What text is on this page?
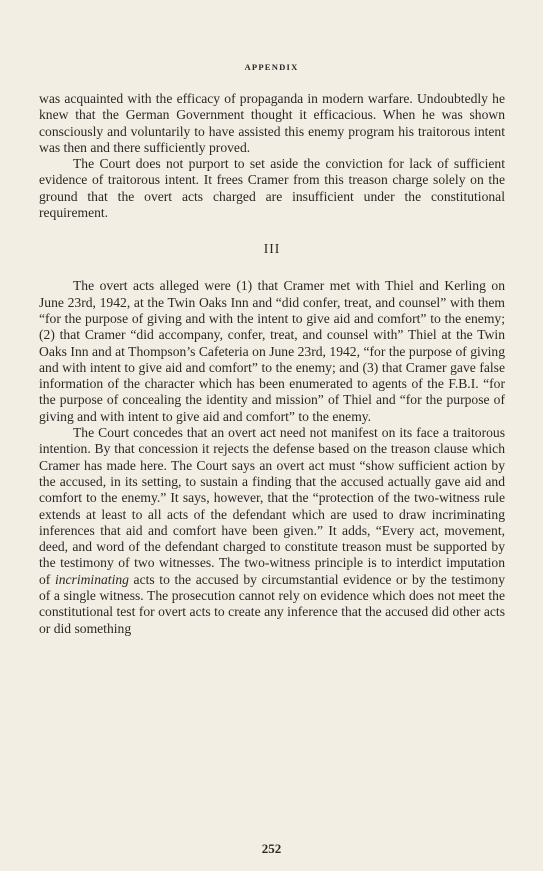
APPENDIX

was acquainted with the efficacy of propaganda in modern warfare. Undoubtedly he knew that the German Government thought it efficacious. When he was shown consciously and voluntarily to have assisted this enemy program his traitorous intent was then and there sufficiently proved.

The Court does not purport to set aside the conviction for lack of sufficient evidence of traitorous intent. It frees Cramer from this treason charge solely on the ground that the overt acts charged are insufficient under the constitutional requirement.

III

The overt acts alleged were (1) that Cramer met with Thiel and Kerling on June 23rd, 1942, at the Twin Oaks Inn and “did confer, treat, and counsel” with them “for the purpose of giving and with the intent to give aid and comfort” to the enemy; (2) that Cramer “did accompany, confer, treat, and counsel with” Thiel at the Twin Oaks Inn and at Thompson’s Cafeteria on June 23rd, 1942, “for the purpose of giving and with intent to give aid and comfort” to the enemy; and (3) that Cramer gave false information of the character which has been enumerated to agents of the F.B.I. “for the purpose of concealing the identity and mission” of Thiel and “for the purpose of giving and with intent to give aid and comfort” to the enemy.

The Court concedes that an overt act need not manifest on its face a traitorous intention. By that concession it rejects the defense based on the treason clause which Cramer has made here. The Court says an overt act must “show sufficient action by the accused, in its setting, to sustain a finding that the accused actually gave aid and comfort to the enemy.” It says, however, that the “protection of the two-witness rule extends at least to all acts of the defendant which are used to draw incriminating inferences that aid and comfort have been given.” It adds, “Every act, movement, deed, and word of the defendant charged to constitute treason must be supported by the testimony of two witnesses. The two-witness principle is to interdict imputation of incriminating acts to the accused by circumstantial evidence or by the testimony of a single witness. The prosecution cannot rely on evidence which does not meet the constitutional test for overt acts to create any inference that the accused did other acts or did something

252
